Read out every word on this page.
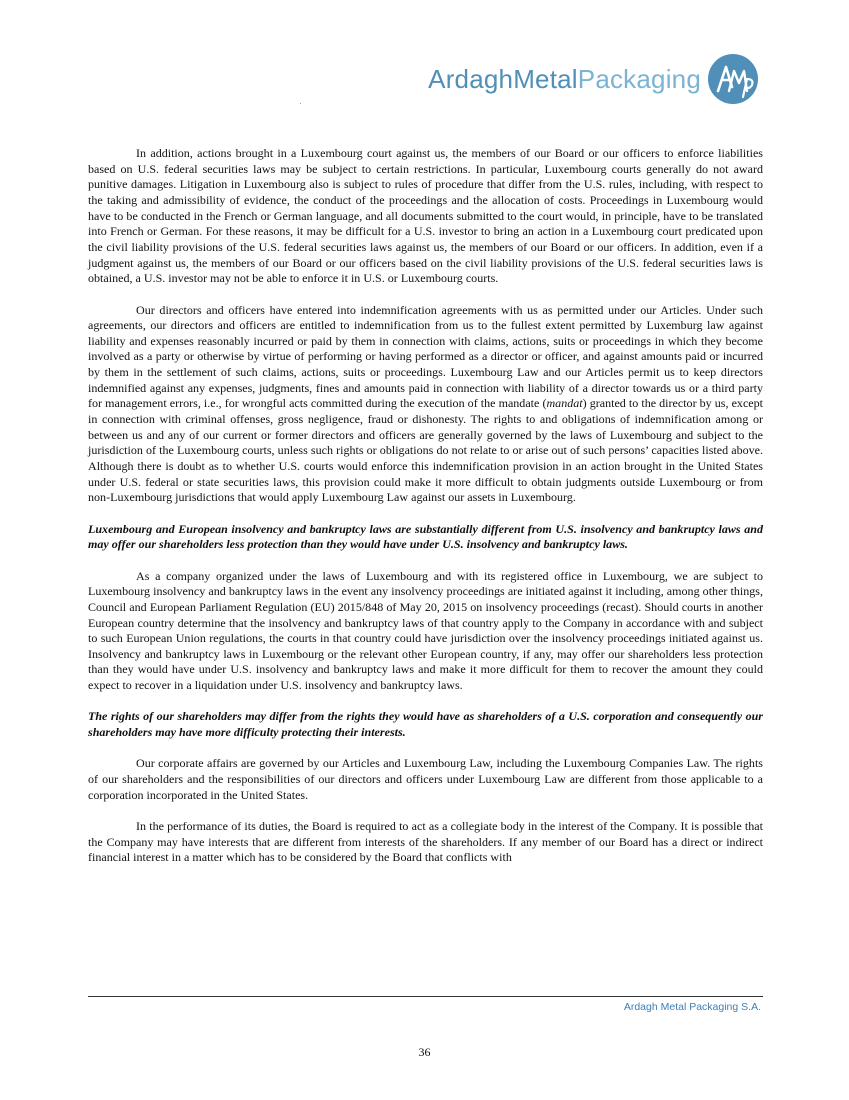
ArdaghMetalPackaging

In addition, actions brought in a Luxembourg court against us, the members of our Board or our officers to enforce liabilities based on U.S. federal securities laws may be subject to certain restrictions. In particular, Luxembourg courts generally do not award punitive damages. Litigation in Luxembourg also is subject to rules of procedure that differ from the U.S. rules, including, with respect to the taking and admissibility of evidence, the conduct of the proceedings and the allocation of costs. Proceedings in Luxembourg would have to be conducted in the French or German language, and all documents submitted to the court would, in principle, have to be translated into French or German. For these reasons, it may be difficult for a U.S. investor to bring an action in a Luxembourg court predicated upon the civil liability provisions of the U.S. federal securities laws against us, the members of our Board or our officers. In addition, even if a judgment against us, the members of our Board or our officers based on the civil liability provisions of the U.S. federal securities laws is obtained, a U.S. investor may not be able to enforce it in U.S. or Luxembourg courts.

Our directors and officers have entered into indemnification agreements with us as permitted under our Articles. Under such agreements, our directors and officers are entitled to indemnification from us to the fullest extent permitted by Luxemburg law against liability and expenses reasonably incurred or paid by them in connection with claims, actions, suits or proceedings in which they become involved as a party or otherwise by virtue of performing or having performed as a director or officer, and against amounts paid or incurred by them in the settlement of such claims, actions, suits or proceedings. Luxembourg Law and our Articles permit us to keep directors indemnified against any expenses, judgments, fines and amounts paid in connection with liability of a director towards us or a third party for management errors, i.e., for wrongful acts committed during the execution of the mandate (mandat) granted to the director by us, except in connection with criminal offenses, gross negligence, fraud or dishonesty. The rights to and obligations of indemnification among or between us and any of our current or former directors and officers are generally governed by the laws of Luxembourg and subject to the jurisdiction of the Luxembourg courts, unless such rights or obligations do not relate to or arise out of such persons’ capacities listed above. Although there is doubt as to whether U.S. courts would enforce this indemnification provision in an action brought in the United States under U.S. federal or state securities laws, this provision could make it more difficult to obtain judgments outside Luxembourg or from non-Luxembourg jurisdictions that would apply Luxembourg Law against our assets in Luxembourg.

Luxembourg and European insolvency and bankruptcy laws are substantially different from U.S. insolvency and bankruptcy laws and may offer our shareholders less protection than they would have under U.S. insolvency and bankruptcy laws.

As a company organized under the laws of Luxembourg and with its registered office in Luxembourg, we are subject to Luxembourg insolvency and bankruptcy laws in the event any insolvency proceedings are initiated against it including, among other things, Council and European Parliament Regulation (EU) 2015/848 of May 20, 2015 on insolvency proceedings (recast). Should courts in another European country determine that the insolvency and bankruptcy laws of that country apply to the Company in accordance with and subject to such European Union regulations, the courts in that country could have jurisdiction over the insolvency proceedings initiated against us. Insolvency and bankruptcy laws in Luxembourg or the relevant other European country, if any, may offer our shareholders less protection than they would have under U.S. insolvency and bankruptcy laws and make it more difficult for them to recover the amount they could expect to recover in a liquidation under U.S. insolvency and bankruptcy laws.

The rights of our shareholders may differ from the rights they would have as shareholders of a U.S. corporation and consequently our shareholders may have more difficulty protecting their interests.

Our corporate affairs are governed by our Articles and Luxembourg Law, including the Luxembourg Companies Law. The rights of our shareholders and the responsibilities of our directors and officers under Luxembourg Law are different from those applicable to a corporation incorporated in the United States.

In the performance of its duties, the Board is required to act as a collegiate body in the interest of the Company. It is possible that the Company may have interests that are different from interests of the shareholders. If any member of our Board has a direct or indirect financial interest in a matter which has to be considered by the Board that conflicts with

Ardagh Metal Packaging S.A.
36
